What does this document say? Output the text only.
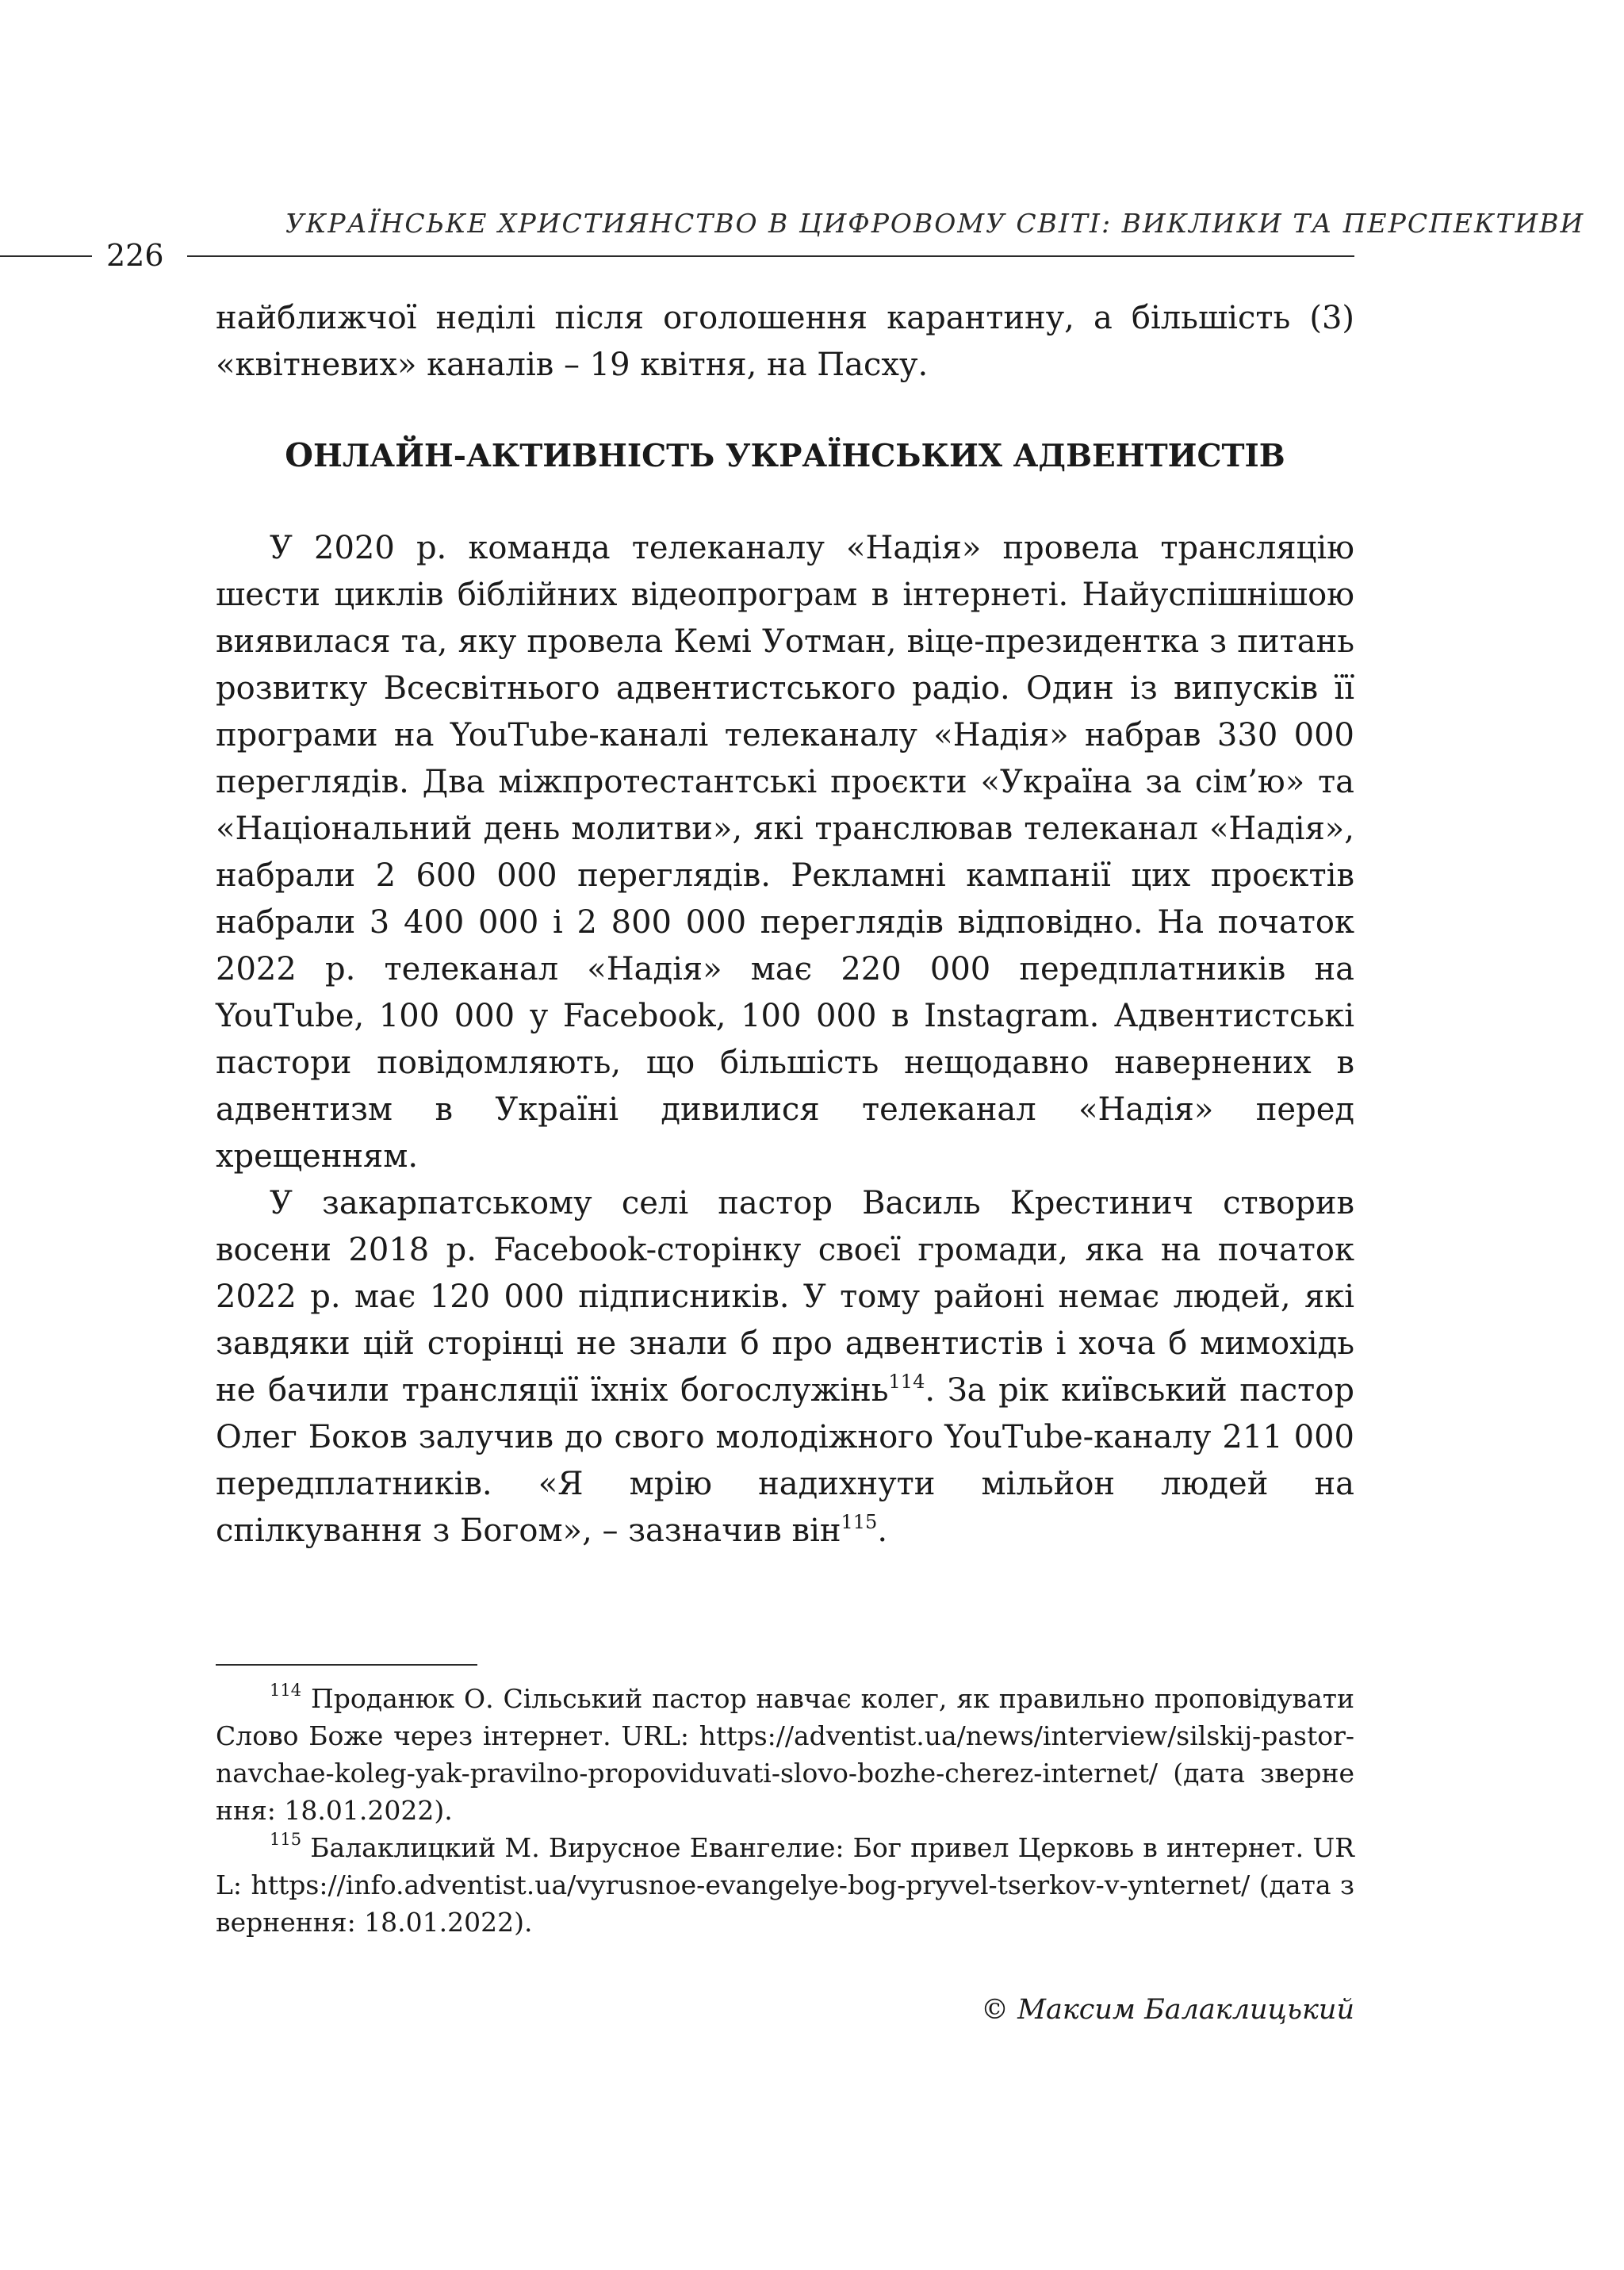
УКРАЇНСЬКЕ ХРИСТИЯНСТВО В ЦИФРОВОМУ СВІТІ: ВИКЛИКИ ТА ПЕРСПЕКТИВИ
226

найближчої неділі після оголошення карантину, а більшість (3) «квітневих» каналів – 19 квітня, на Пасху.

ОНЛАЙН-АКТИВНІСТЬ УКРАЇНСЬКИХ АДВЕНТИСТІВ

У 2020 р. команда телеканалу «Надія» провела трансляцію шести циклів біблійних відеопрограм в інтернеті. Найуспішнішою виявилася та, яку провела Кемі Уотман, віце-президентка з питань розвитку Всесвітнього адвентистського радіо. Один із випусків її програми на YouTube-каналі телеканалу «Надія» набрав 330 000 переглядів. Два міжпротестантські проєкти «Україна за сім’ю» та «Національний день молитви», які транслював телеканал «Надія», набрали 2 600 000 переглядів. Рекламні кампанії цих проєктів набрали 3 400 000 і 2 800 000 переглядів відповідно. На початок 2022 р. телеканал «Надія» має 220 000 передплатників на YouTube, 100 000 у Facebook, 100 000 в Instagram. Адвентистські пастори повідомляють, що більшість нещодавно навернених в адвентизм в Україні дивилися телеканал «Надія» перед хрещенням.

У закарпатському селі пастор Василь Крестинич створив восени 2018 р. Facebook-сторінку своєї громади, яка на початок 2022 р. має 120 000 підписників. У тому районі немає людей, які завдяки цій сторінці не знали б про адвентистів і хоча б мимохідь не бачили трансляції їхніх богослужінь$^{114}$. За рік київський пастор Олег Боков залучив до свого молодіжного YouTube-каналу 211 000 передплатників. «Я мрію надихнути мільйон людей на спілкування з Богом», – зазначив він$^{115}$.

$^{114}$ Проданюк О. Сільський пастор навчає колег, як правильно проповідувати Слово Боже через інтернет. URL: https://adventist.ua/news/interview/silskij-pastor-navchae-koleg-yak-pravilno-propoviduvati-slovo-bozhe-cherez-internet/ (дата звернення: 18.01.2022).

$^{115}$ Балаклицкий М. Вирусное Евангелие: Бог привел Церковь в интернет. URL: https://info.adventist.ua/vyrusnoe-evangelye-bog-pryvel-tserkov-v-ynternet/ (дата звернення: 18.01.2022).

© Максим Балаклицький
